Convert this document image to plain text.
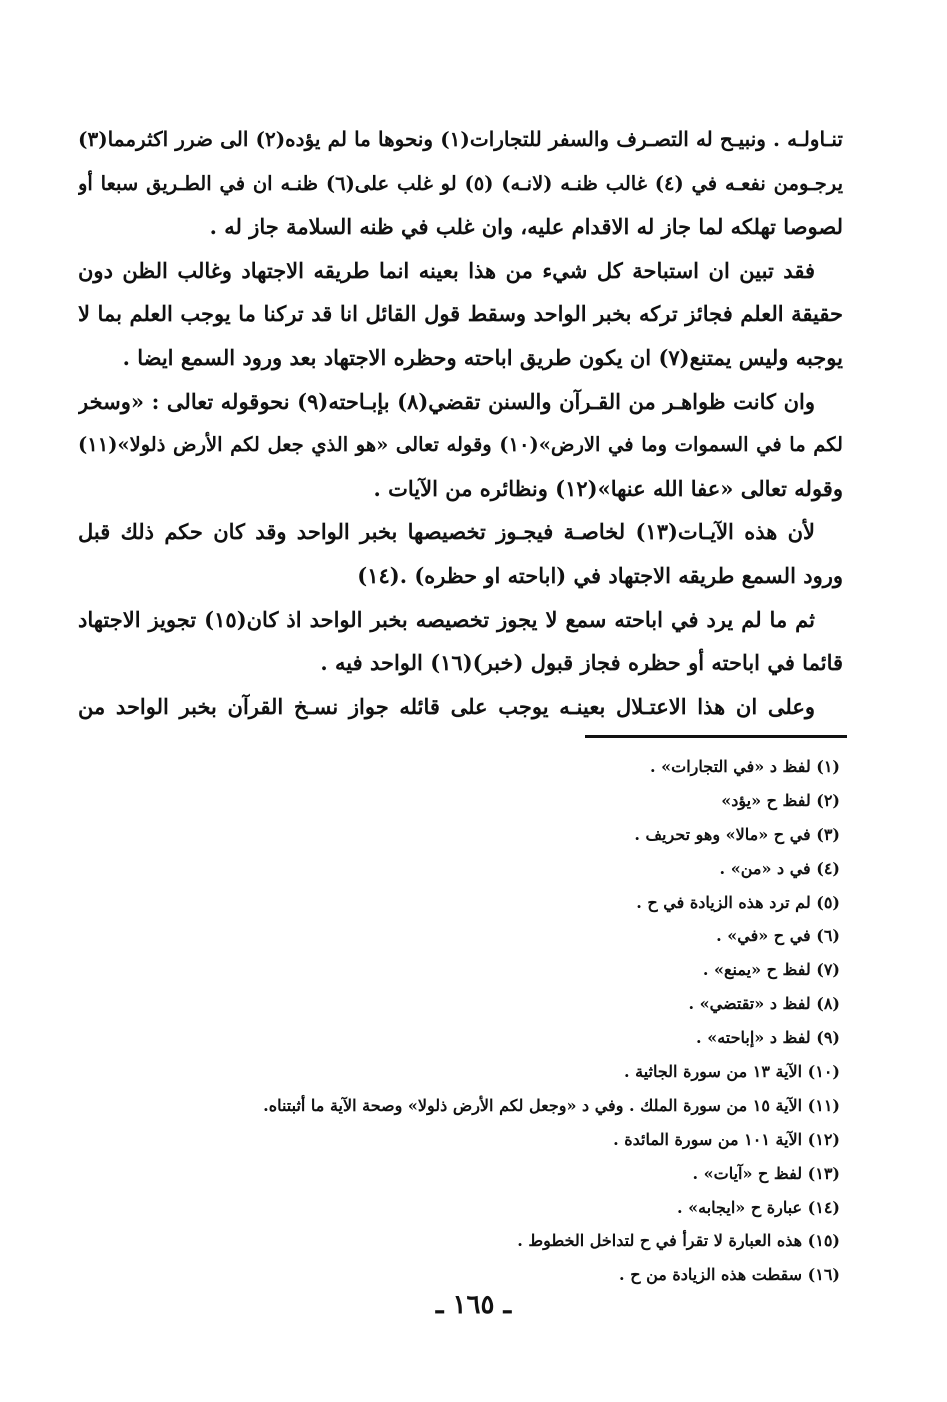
تنـاولـه . ونبيـح له التصـرف والسفر للتجارات(١) ونحوها ما لم يؤده(٢) الى ضرر اكثرمما(٣)
يرجـومن نفعـه في (٤) غالب ظنـه (لانـه) (٥) لو غلب على(٦) ظنـه ان في الطـريق سبعا أو
لصوصا تهلكه لما جاز له الاقدام عليه، وان غلب في ظنه السلامة جاز له .
فقد تبين ان استباحة كل شيء من هذا بعينه انما طريقه الاجتهاد وغالب الظن دون
حقيقة العلم فجائز تركه بخبر الواحد وسقط قول القائل انا قد تركنا ما يوجب العلم بما لا
يوجبه وليس يمتنع(٧) ان يكون طريق اباحته وحظره الاجتهاد بعد ورود السمع ايضا .
وان كانت ظواهـر من القـرآن والسنن تقضي(٨) بإبـاحته(٩) نحوقوله تعالى : «وسخر
لكم ما في السموات وما في الارض»(١٠) وقوله تعالى «هو الذي جعل لكم الأرض ذلولا»(١١)
وقوله تعالى «عفا الله عنها»(١٢) ونظائره من الآيات .
لأن هذه الآيـات(١٣) لخاصـة فيجـوز تخصيصها بخبر الواحد وقد كان حكم ذلك قبل
ورود السمع طريقه الاجتهاد في (اباحته او حظره) .(١٤)
ثم ما لم يرد في اباحته سمع لا يجوز تخصيصه بخبر الواحد اذ كان(١٥) تجويز الاجتهاد
قائما في اباحته أو حظره فجاز قبول (خبر)(١٦) الواحد فيه .
وعلى ان هذا الاعتـلال بعينـه يوجب على قائله جواز نسـخ القرآن بخبر الواحد من
(١) لفظ د «في التجارات» .
(٢) لفظ ح «يؤد»
(٣) في ح «مالا» وهو تحريف .
(٤) في د «من» .
(٥) لم ترد هذه الزيادة في ح .
(٦) في ح «في» .
(٧) لفظ ح «يمنع» .
(٨) لفظ د «تقتضي» .
(٩) لفظ د «إباحته» .
(١٠) الآية ١٣ من سورة الجاثية .
(١١) الآية ١٥ من سورة الملك . وفي د «وجعل لكم الأرض ذلولا» وصحة الآية ما أثبتناه.
(١٢) الآية ١٠١ من سورة المائدة .
(١٣) لفظ ح «آيات» .
(١٤) عبارة ح «ايجابه» .
(١٥) هذه العبارة لا تقرأ في ح لتداخل الخطوط .
(١٦) سقطت هذه الزيادة من ح .
ـ ١٦٥ ـ
